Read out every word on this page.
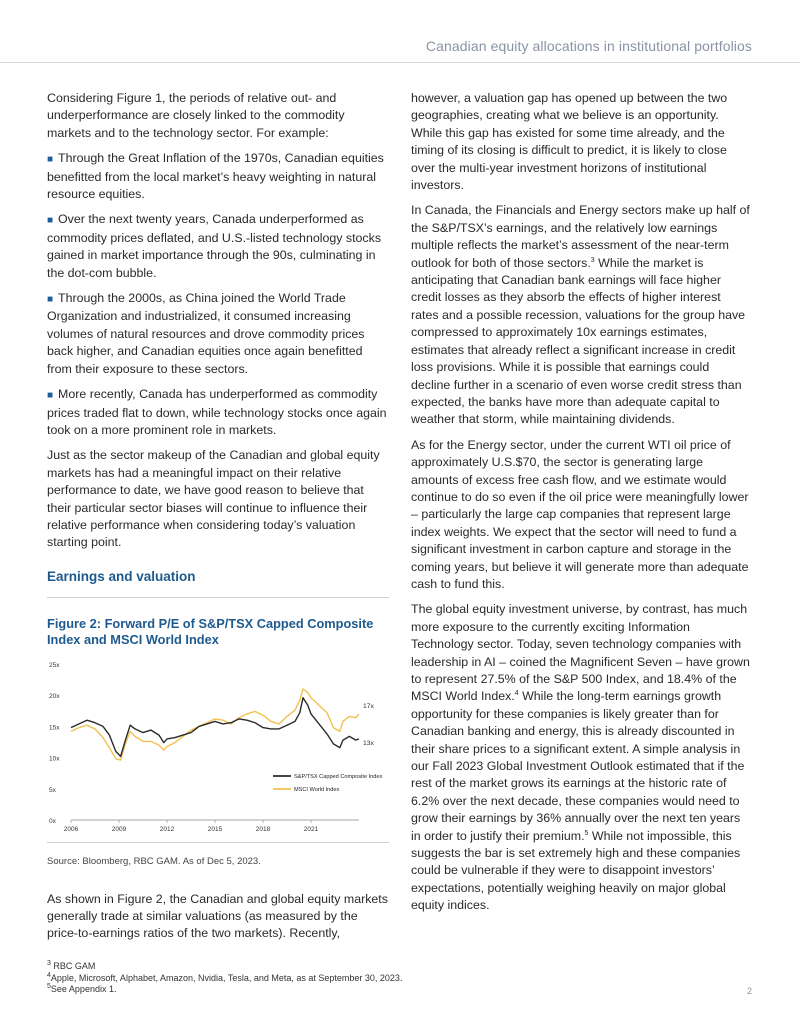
Canadian equity allocations in institutional portfolios

Considering Figure 1, the periods of relative out- and underperformance are closely linked to the commodity markets and to the technology sector. For example:

■ Through the Great Inflation of the 1970s, Canadian equities benefitted from the local market’s heavy weighting in natural resource equities.
■ Over the next twenty years, Canada underperformed as commodity prices deflated, and U.S.-listed technology stocks gained in market importance through the 90s, culminating in the dot-com bubble.
■ Through the 2000s, as China joined the World Trade Organization and industrialized, it consumed increasing volumes of natural resources and drove commodity prices back higher, and Canadian equities once again benefitted from their exposure to these sectors.
■ More recently, Canada has underperformed as commodity prices traded flat to down, while technology stocks once again took on a more prominent role in markets.

Just as the sector makeup of the Canadian and global equity markets has had a meaningful impact on their relative performance to date, we have good reason to believe that their particular sector biases will continue to influence their relative performance when considering today’s valuation starting point.

Earnings and valuation
Figure 2: Forward P/E of S&P/TSX Capped Composite Index and MSCI World Index
0x
5x
10x
15x
20x
25x
2006	2009	2012	2015	2018	2021
17x
13x
S&P/TSX Capped Composite Index
MSCI World Index
Source: Bloomberg, RBC GAM. As of Dec 5, 2023.

As shown in Figure 2, the Canadian and global equity markets generally trade at similar valuations (as measured by the price-to-earnings ratios of the two markets). Recently,

however, a valuation gap has opened up between the two geographies, creating what we believe is an opportunity. While this gap has existed for some time already, and the timing of its closing is difficult to predict, it is likely to close over the multi-year investment horizons of institutional investors.

In Canada, the Financials and Energy sectors make up half of the S&P/TSX’s earnings, and the relatively low earnings multiple reflects the market’s assessment of the near-term outlook for both of those sectors.$^3$ While the market is anticipating that Canadian bank earnings will face higher credit losses as they absorb the effects of higher interest rates and a possible recession, valuations for the group have compressed to approximately 10x earnings estimates, estimates that already reflect a significant increase in credit loss provisions. While it is possible that earnings could decline further in a scenario of even worse credit stress than expected, the banks have more than adequate capital to weather that storm, while maintaining dividends.

As for the Energy sector, under the current WTI oil price of approximately U.S.$70, the sector is generating large amounts of excess free cash flow, and we estimate would continue to do so even if the oil price were meaningfully lower – particularly the large cap companies that represent large index weights. We expect that the sector will need to fund a significant investment in carbon capture and storage in the coming years, but believe it will generate more than adequate cash to fund this.

The global equity investment universe, by contrast, has much more exposure to the currently exciting Information Technology sector. Today, seven technology companies with leadership in AI – coined the Magnificent Seven – have grown to represent 27.5% of the S&P 500 Index, and 18.4% of the MSCI World Index.$^4$ While the long-term earnings growth opportunity for these companies is likely greater than for Canadian banking and energy, this is already discounted in their share prices to a significant extent. A simple analysis in our Fall 2023 Global Investment Outlook estimated that if the rest of the market grows its earnings at the historic rate of 6.2% over the next decade, these companies would need to grow their earnings by 36% annually over the next ten years in order to justify their premium.$^5$ While not impossible, this suggests the bar is set extremely high and these companies could be vulnerable if they were to disappoint investors’ expectations, potentially weighing heavily on major global equity indices.

$^3$ RBC GAM
$^4$Apple, Microsoft, Alphabet, Amazon, Nvidia, Tesla, and Meta, as at September 30, 2023.
$^5$See Appendix 1.	2
